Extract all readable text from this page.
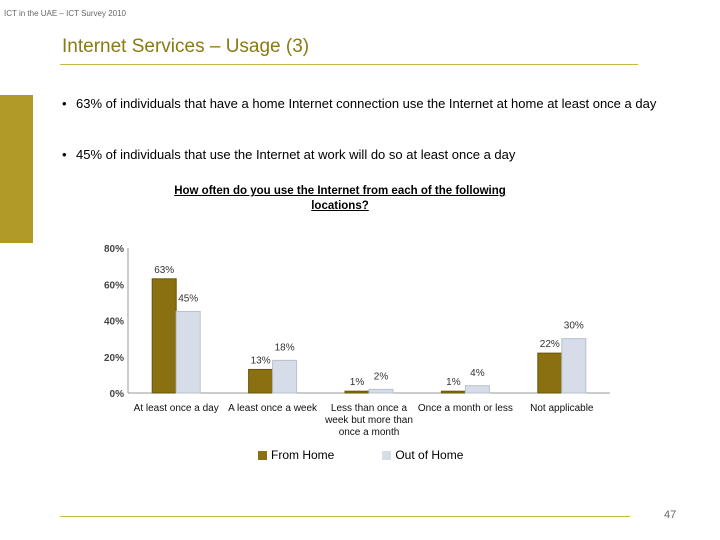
ICT in the UAE – ICT Survey 2010
Internet Services – Usage (3)
• 63% of individuals that have a home Internet connection use the Internet at home at least once a day
• 45% of individuals that use the Internet at work will do so at least once a day
How often do you use the Internet from each of the following locations?
0%
20%
40%
60%
80%
63%
45%
At least once a day
13%
18%
A least once a week
1%
2%
Less than once a
week but more than
once a month
1%
4%
Once a month or less
22%
30%
Not applicable
From Home	Out of Home
47
